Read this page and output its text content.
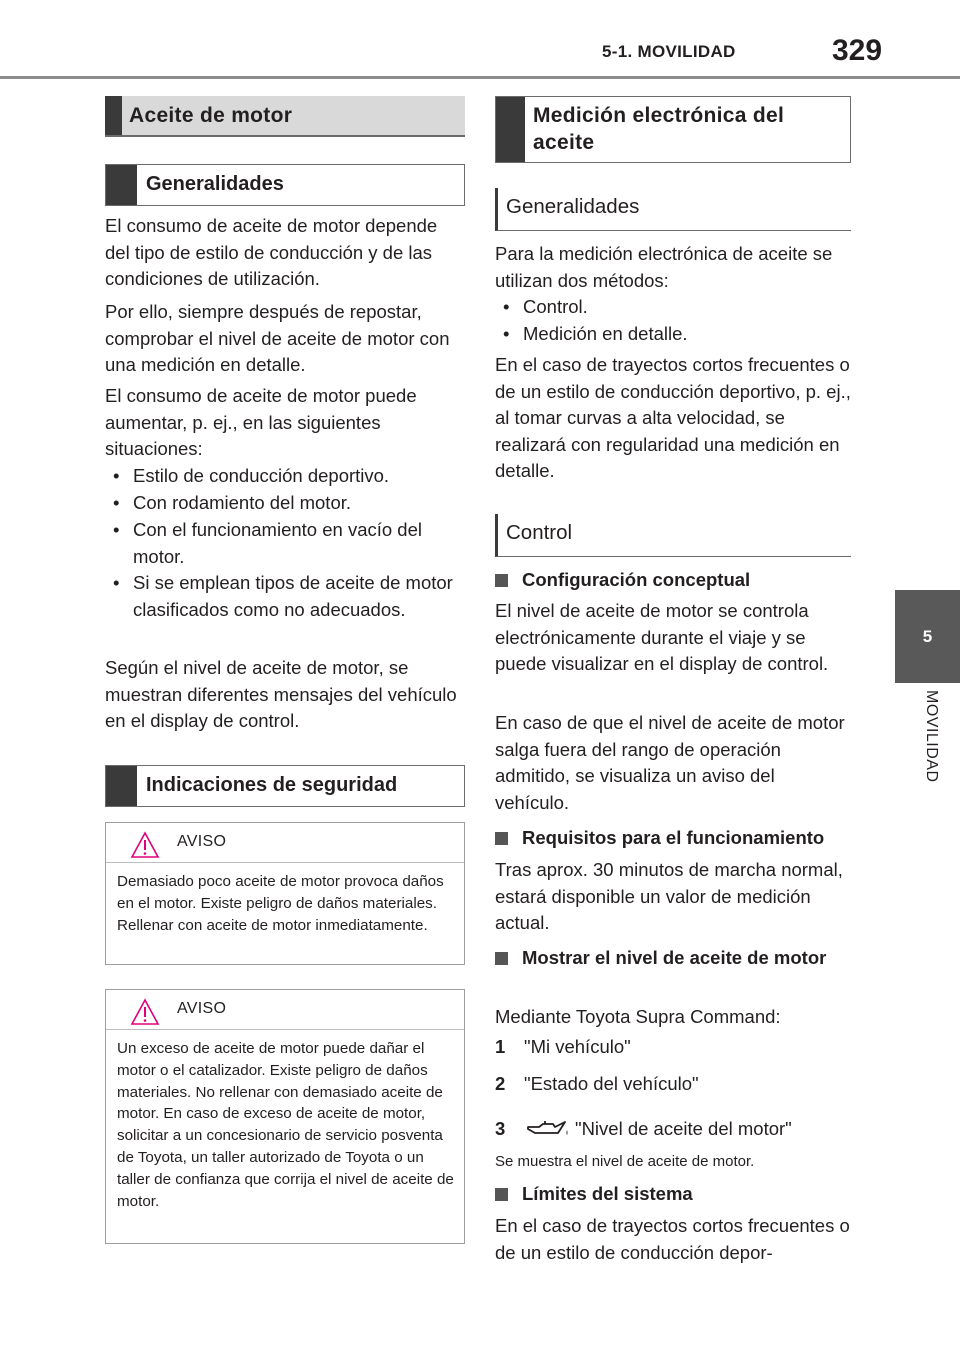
5-1. MOVILIDAD	329
5
MOVILIDAD
Aceite de motor
Generalidades
El consumo de aceite de motor depende del tipo de estilo de conducción y de las condiciones de utilización.
Por ello, siempre después de repostar, comprobar el nivel de aceite de motor con una medición en detalle.
El consumo de aceite de motor puede aumentar, p. ej., en las siguientes situaciones:
• Estilo de conducción deportivo.
• Con rodamiento del motor.
• Con el funcionamiento en vacío del motor.
• Si se emplean tipos de aceite de motor clasificados como no adecuados.
Según el nivel de aceite de motor, se muestran diferentes mensajes del vehículo en el display de control.
Indicaciones de seguridad
AVISO
Demasiado poco aceite de motor provoca daños en el motor. Existe peligro de daños materiales. Rellenar con aceite de motor inmediatamente.
AVISO
Un exceso de aceite de motor puede dañar el motor o el catalizador. Existe peligro de daños materiales. No rellenar con demasiado aceite de motor. En caso de exceso de aceite de motor, solicitar a un concesionario de servicio posventa de Toyota, un taller autorizado de Toyota o un taller de confianza que corrija el nivel de aceite de motor.
Medición electrónica del aceite
Generalidades
Para la medición electrónica de aceite se utilizan dos métodos:
• Control.
• Medición en detalle.
En el caso de trayectos cortos frecuentes o de un estilo de conducción deportivo, p. ej., al tomar curvas a alta velocidad, se realizará con regularidad una medición en detalle.
Control
Configuración conceptual
El nivel de aceite de motor se controla electrónicamente durante el viaje y se puede visualizar en el display de control.
En caso de que el nivel de aceite de motor salga fuera del rango de operación admitido, se visualiza un aviso del vehículo.
Requisitos para el funcionamiento
Tras aprox. 30 minutos de marcha normal, estará disponible un valor de medición actual.
Mostrar el nivel de aceite de motor
Mediante Toyota Supra Command:
1 "Mi vehículo"
2 "Estado del vehículo"
3	"Nivel de aceite del motor"
Se muestra el nivel de aceite de motor.
Límites del sistema
En el caso de trayectos cortos frecuentes o de un estilo de conducción depor-
